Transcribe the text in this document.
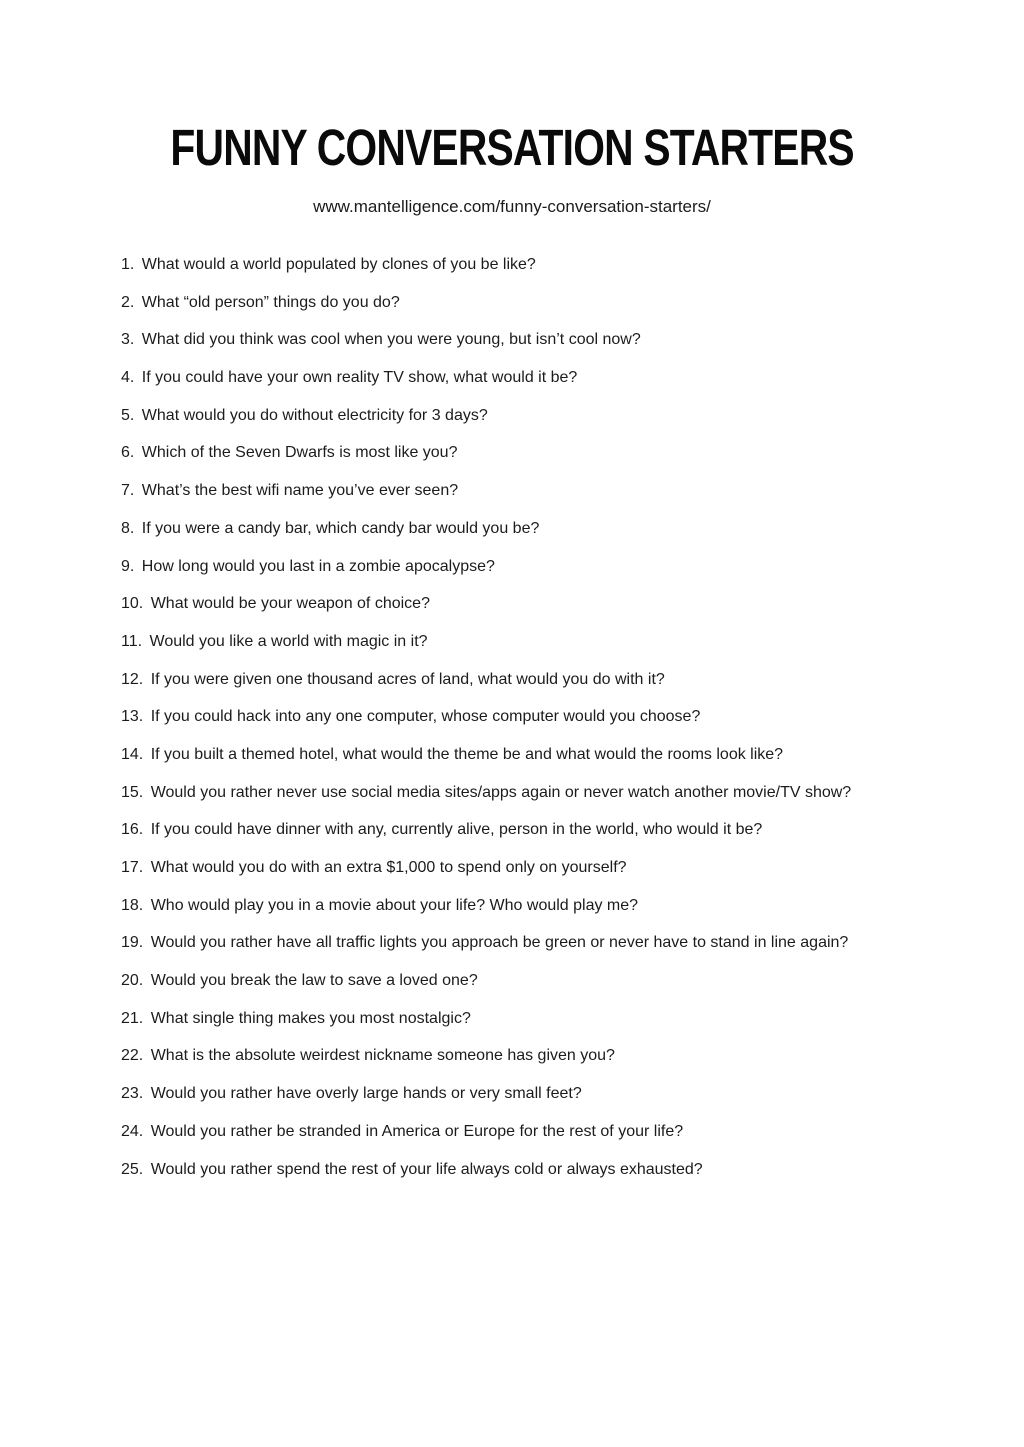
FUNNY CONVERSATION STARTERS

www.mantelligence.com/funny-conversation-starters/

1. What would a world populated by clones of you be like?

2. What “old person” things do you do?

3. What did you think was cool when you were young, but isn’t cool now?

4. If you could have your own reality TV show, what would it be?

5. What would you do without electricity for 3 days?

6. Which of the Seven Dwarfs is most like you?

7. What’s the best wifi name you’ve ever seen?

8. If you were a candy bar, which candy bar would you be?

9. How long would you last in a zombie apocalypse?

10. What would be your weapon of choice?

11. Would you like a world with magic in it?

12. If you were given one thousand acres of land, what would you do with it?

13. If you could hack into any one computer, whose computer would you choose?

14. If you built a themed hotel, what would the theme be and what would the rooms look like?

15. Would you rather never use social media sites/apps again or never watch another movie/TV show?

16. If you could have dinner with any, currently alive, person in the world, who would it be?

17. What would you do with an extra $1,000 to spend only on yourself?

18. Who would play you in a movie about your life? Who would play me?

19. Would you rather have all traffic lights you approach be green or never have to stand in line again?

20. Would you break the law to save a loved one?

21. What single thing makes you most nostalgic?

22. What is the absolute weirdest nickname someone has given you?

23. Would you rather have overly large hands or very small feet?

24. Would you rather be stranded in America or Europe for the rest of your life?

25. Would you rather spend the rest of your life always cold or always exhausted?
